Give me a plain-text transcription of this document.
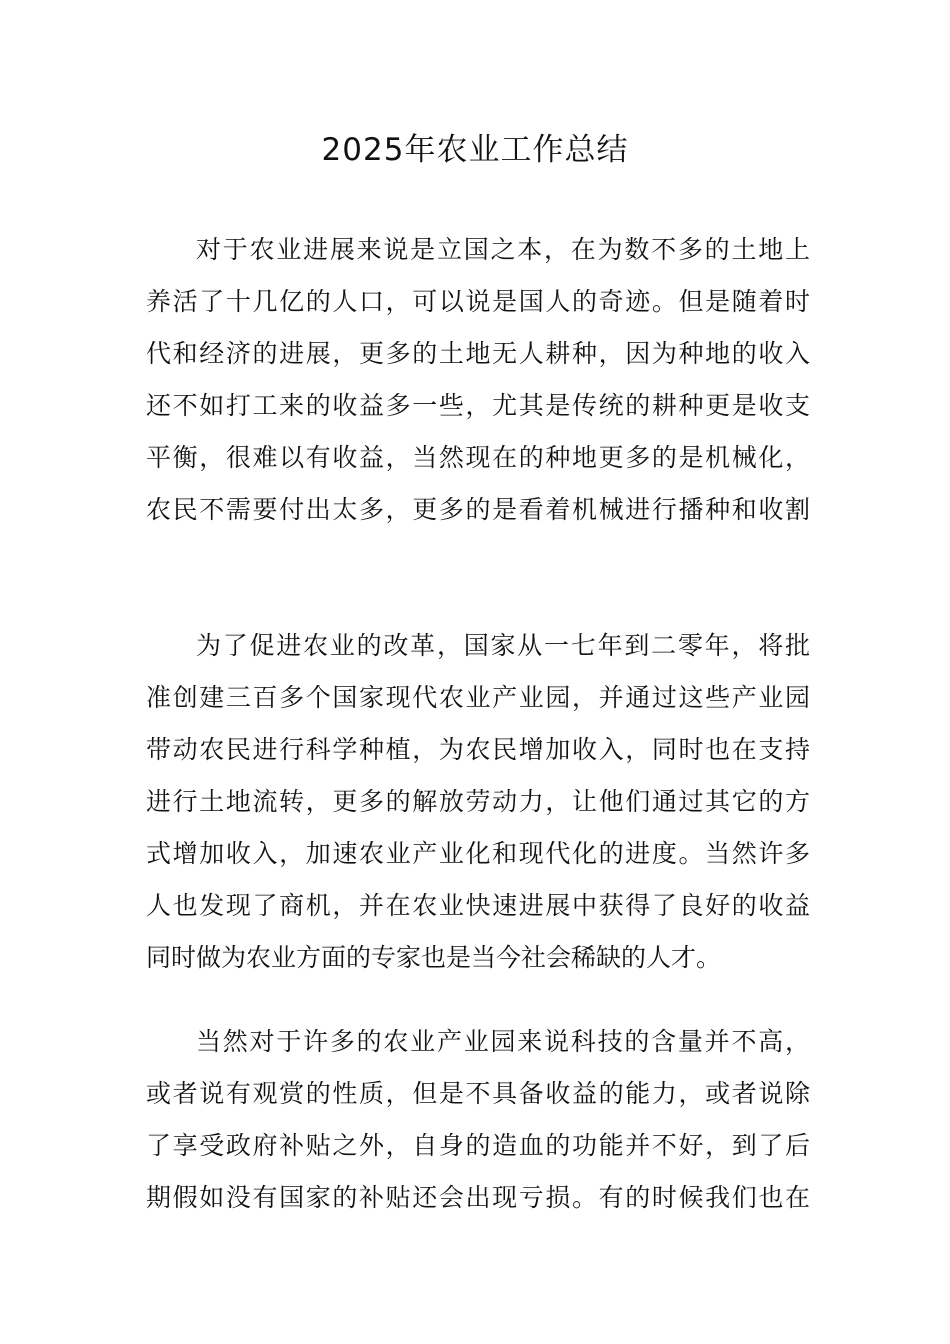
2025年农业工作总结
对于农业进展来说是立国之本，在为数不多的土地上
养活了十几亿的人口，可以说是国人的奇迹。但是随着时
代和经济的进展，更多的土地无人耕种，因为种地的收入
还不如打工来的收益多一些，尤其是传统的耕种更是收支
平衡，很难以有收益，当然现在的种地更多的是机械化，
农民不需要付出太多，更多的是看着机械进行播种和收割
为了促进农业的改革，国家从一七年到二零年，将批
准创建三百多个国家现代农业产业园，并通过这些产业园
带动农民进行科学种植，为农民增加收入，同时也在支持
进行土地流转，更多的解放劳动力，让他们通过其它的方
式增加收入，加速农业产业化和现代化的进度。当然许多
人也发现了商机，并在农业快速进展中获得了良好的收益
同时做为农业方面的专家也是当今社会稀缺的人才。
当然对于许多的农业产业园来说科技的含量并不高，
或者说有观赏的性质，但是不具备收益的能力，或者说除
了享受政府补贴之外，自身的造血的功能并不好，到了后
期假如没有国家的补贴还会出现亏损。有的时候我们也在
